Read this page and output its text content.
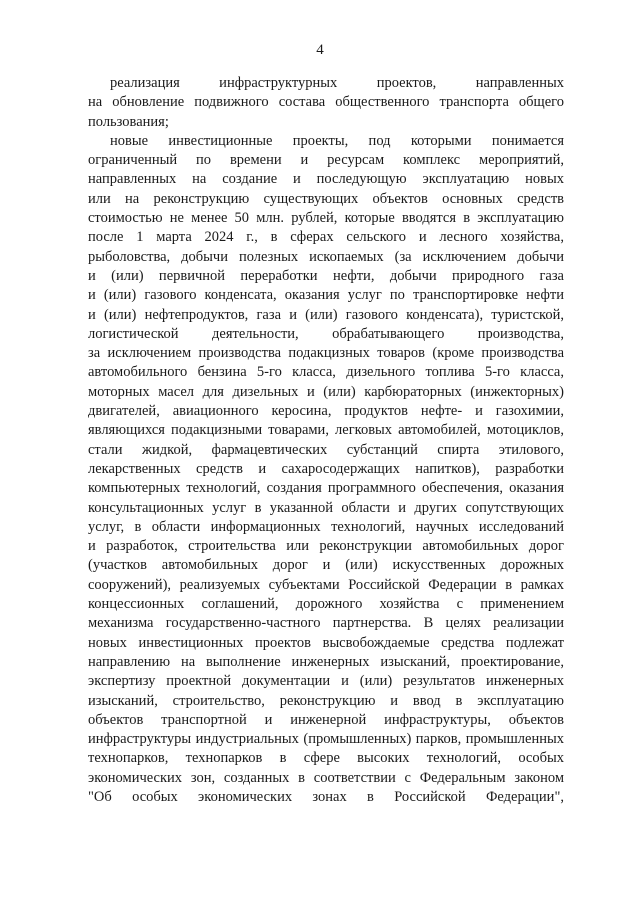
4
реализация инфраструктурных проектов, направленных
на обновление подвижного состава общественного транспорта общего
пользования;
новые инвестиционные проекты, под которыми понимается
ограниченный по времени и ресурсам комплекс мероприятий,
направленных на создание и последующую эксплуатацию новых
или на реконструкцию существующих объектов основных средств
стоимостью не менее 50 млн. рублей, которые вводятся в эксплуатацию
после 1 марта 2024 г., в сферах сельского и лесного хозяйства,
рыболовства, добычи полезных ископаемых (за исключением добычи
и (или) первичной переработки нефти, добычи природного газа
и (или) газового конденсата, оказания услуг по транспортировке нефти
и (или) нефтепродуктов, газа и (или) газового конденсата), туристской,
логистической деятельности, обрабатывающего производства,
за исключением производства подакцизных товаров (кроме производства
автомобильного бензина 5-го класса, дизельного топлива 5-го класса,
моторных масел для дизельных и (или) карбюраторных (инжекторных)
двигателей, авиационного керосина, продуктов нефте- и газохимии,
являющихся подакцизными товарами, легковых автомобилей, мотоциклов,
стали жидкой, фармацевтических субстанций спирта этилового,
лекарственных средств и сахаросодержащих напитков), разработки
компьютерных технологий, создания программного обеспечения, оказания
консультационных услуг в указанной области и других сопутствующих
услуг, в области информационных технологий, научных исследований
и разработок, строительства или реконструкции автомобильных дорог
(участков автомобильных дорог и (или) искусственных дорожных
сооружений), реализуемых субъектами Российской Федерации в рамках
концессионных соглашений, дорожного хозяйства с применением
механизма государственно-частного партнерства. В целях реализации
новых инвестиционных проектов высвобождаемые средства подлежат
направлению на выполнение инженерных изысканий, проектирование,
экспертизу проектной документации и (или) результатов инженерных
изысканий, строительство, реконструкцию и ввод в эксплуатацию
объектов транспортной и инженерной инфраструктуры, объектов
инфраструктуры индустриальных (промышленных) парков, промышленных
технопарков, технопарков в сфере высоких технологий, особых
экономических зон, созданных в соответствии с Федеральным законом
"Об особых экономических зонах в Российской Федерации",
